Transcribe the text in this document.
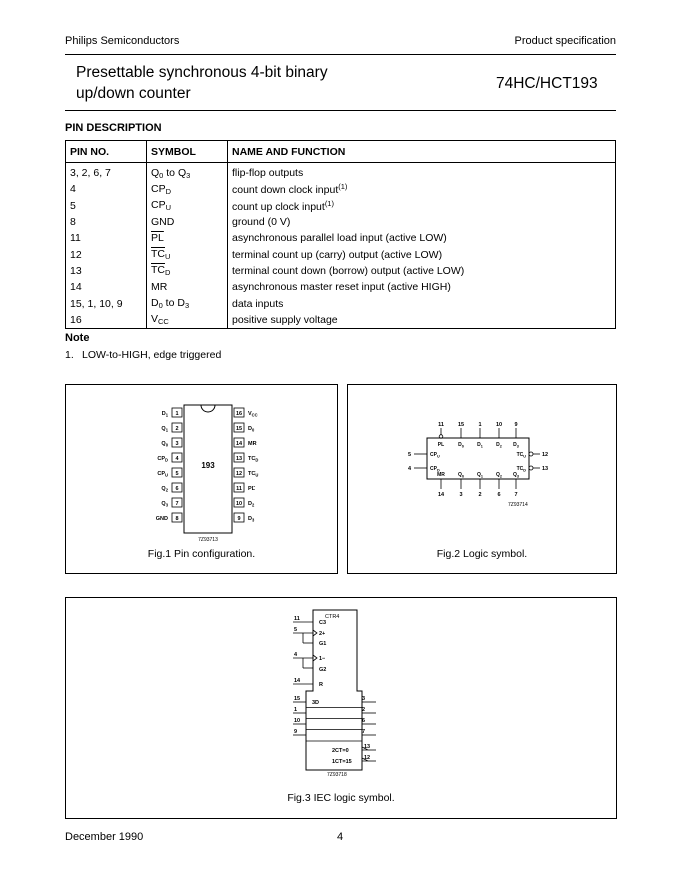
Philips Semiconductors	Product specification
Presettable synchronous 4-bit binary
up/down counter
74HC/HCT193
PIN DESCRIPTION
PIN NO.	SYMBOL	NAME AND FUNCTION
3, 2, 6, 7	$Q_0$ to $Q_3$	flip-flop outputs
4	$CP_D$	count down clock input$^{(1)}$
5	$CP_U$	count up clock input$^{(1)}$
8	GND	ground (0 V)
11	$\overline{PL}$	asynchronous parallel load input (active LOW)
12	$\overline{TC}_U$	terminal count up (carry) output (active LOW)
13	$\overline{TC}_D$	terminal count down (borrow) output (active LOW)
14	MR	asynchronous master reset input (active HIGH)
15, 1, 10, 9	$D_0$ to $D_3$	data inputs
16	$V_{CC}$	positive supply voltage
Note
1. LOW-to-HIGH, edge triggered
193
1
$D_1$
2
$Q_1$
3
$Q_0$
4
$CP_D$
5
$CP_U$
6
$Q_2$
7
$Q_3$
8
GND
16 $V_{CC}$
15 $D_0$
14 MR
13 $TC_D$
12 $TC_U$
11 PL
10 $D_2$
9 $D_3$
7Z93713
Fig.1 Pin configuration.
7Z93714
11
PL
15
$D_0$
1
$D_1$
10
$D_2$
9
$D_3$
14
MR
3
$Q_0$
2
$Q_1$
6
$Q_2$
7
$Q_3$
5	$CP_U$
4	$CP_D$
$TC_U$	12
$TC_D$	13
Fig.2 Logic symbol.
CTR4
7Z93718
11
C3
5
2+
G1
4
1−
G2
14
R
3D
15	3
1	2
10	6
9	7
2CT=0
13
1CT=15
12
Fig.3 IEC logic symbol.
December 1990	4
